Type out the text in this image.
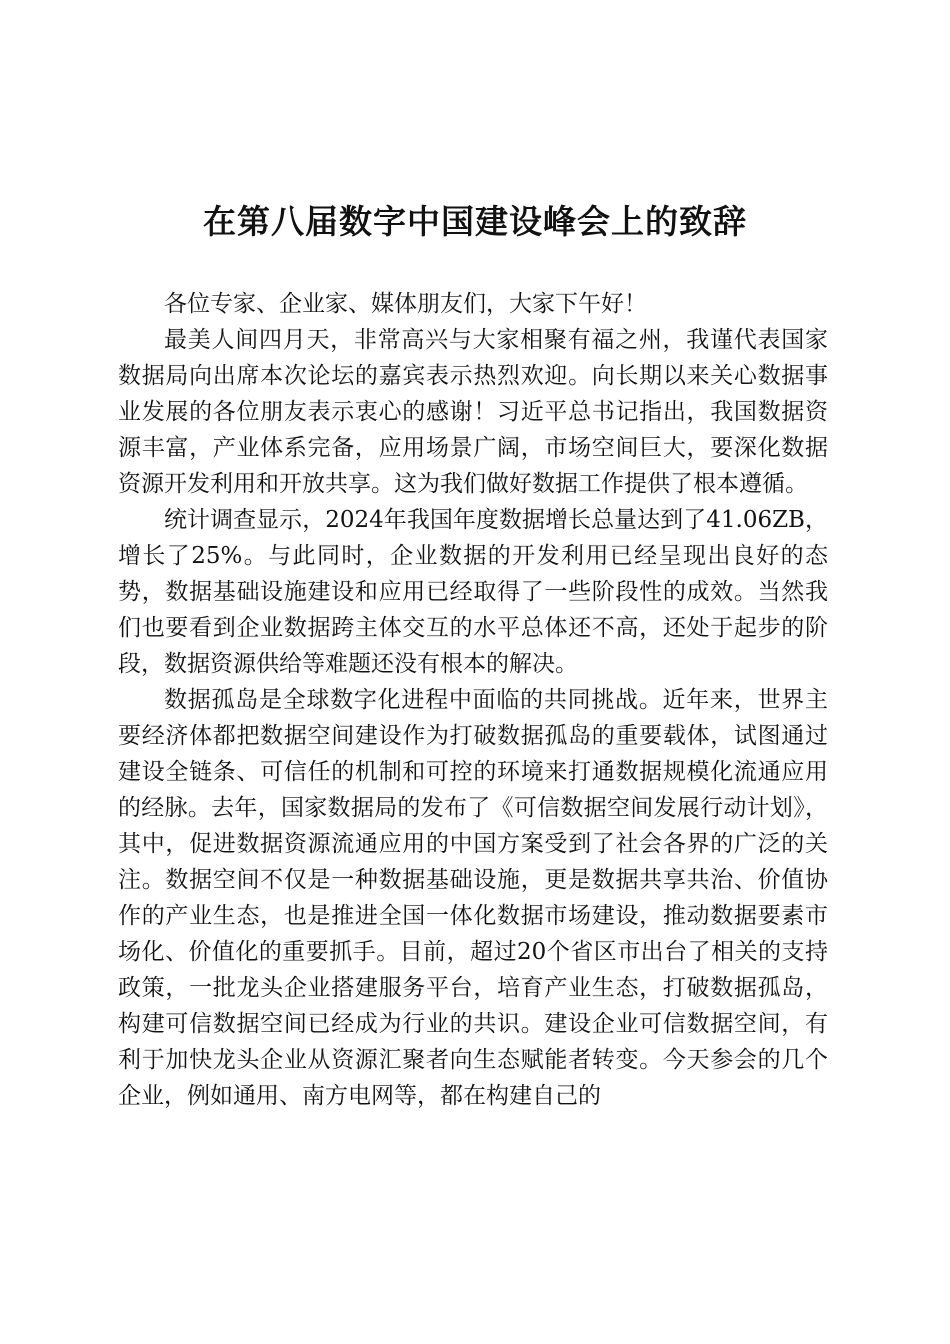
在第八届数字中国建设峰会上的致辞

各位专家、企业家、媒体朋友们，大家下午好！

最美人间四月天，非常高兴与大家相聚有福之州，我谨代表国家数据局向出席本次论坛的嘉宾表示热烈欢迎。向长期以来关心数据事业发展的各位朋友表示衷心的感谢！习近平总书记指出，我国数据资源丰富，产业体系完备，应用场景广阔，市场空间巨大，要深化数据资源开发利用和开放共享。这为我们做好数据工作提供了根本遵循。

统计调查显示，2024年我国年度数据增长总量达到了41.06ZB，增长了25%。与此同时，企业数据的开发利用已经呈现出良好的态势，数据基础设施建设和应用已经取得了一些阶段性的成效。当然我们也要看到企业数据跨主体交互的水平总体还不高，还处于起步的阶段，数据资源供给等难题还没有根本的解决。

数据孤岛是全球数字化进程中面临的共同挑战。近年来，世界主要经济体都把数据空间建设作为打破数据孤岛的重要载体，试图通过建设全链条、可信任的机制和可控的环境来打通数据规模化流通应用的经脉。去年，国家数据局的发布了《可信数据空间发展行动计划》，其中，促进数据资源流通应用的中国方案受到了社会各界的广泛的关注。数据空间不仅是一种数据基础设施，更是数据共享共治、价值协作的产业生态，也是推进全国一体化数据市场建设，推动数据要素市场化、价值化的重要抓手。目前，超过20个省区市出台了相关的支持政策，一批龙头企业搭建服务平台，培育产业生态，打破数据孤岛，构建可信数据空间已经成为行业的共识。建设企业可信数据空间，有利于加快龙头企业从资源汇聚者向生态赋能者转变。今天参会的几个企业，例如通用、南方电网等，都在构建自己的
